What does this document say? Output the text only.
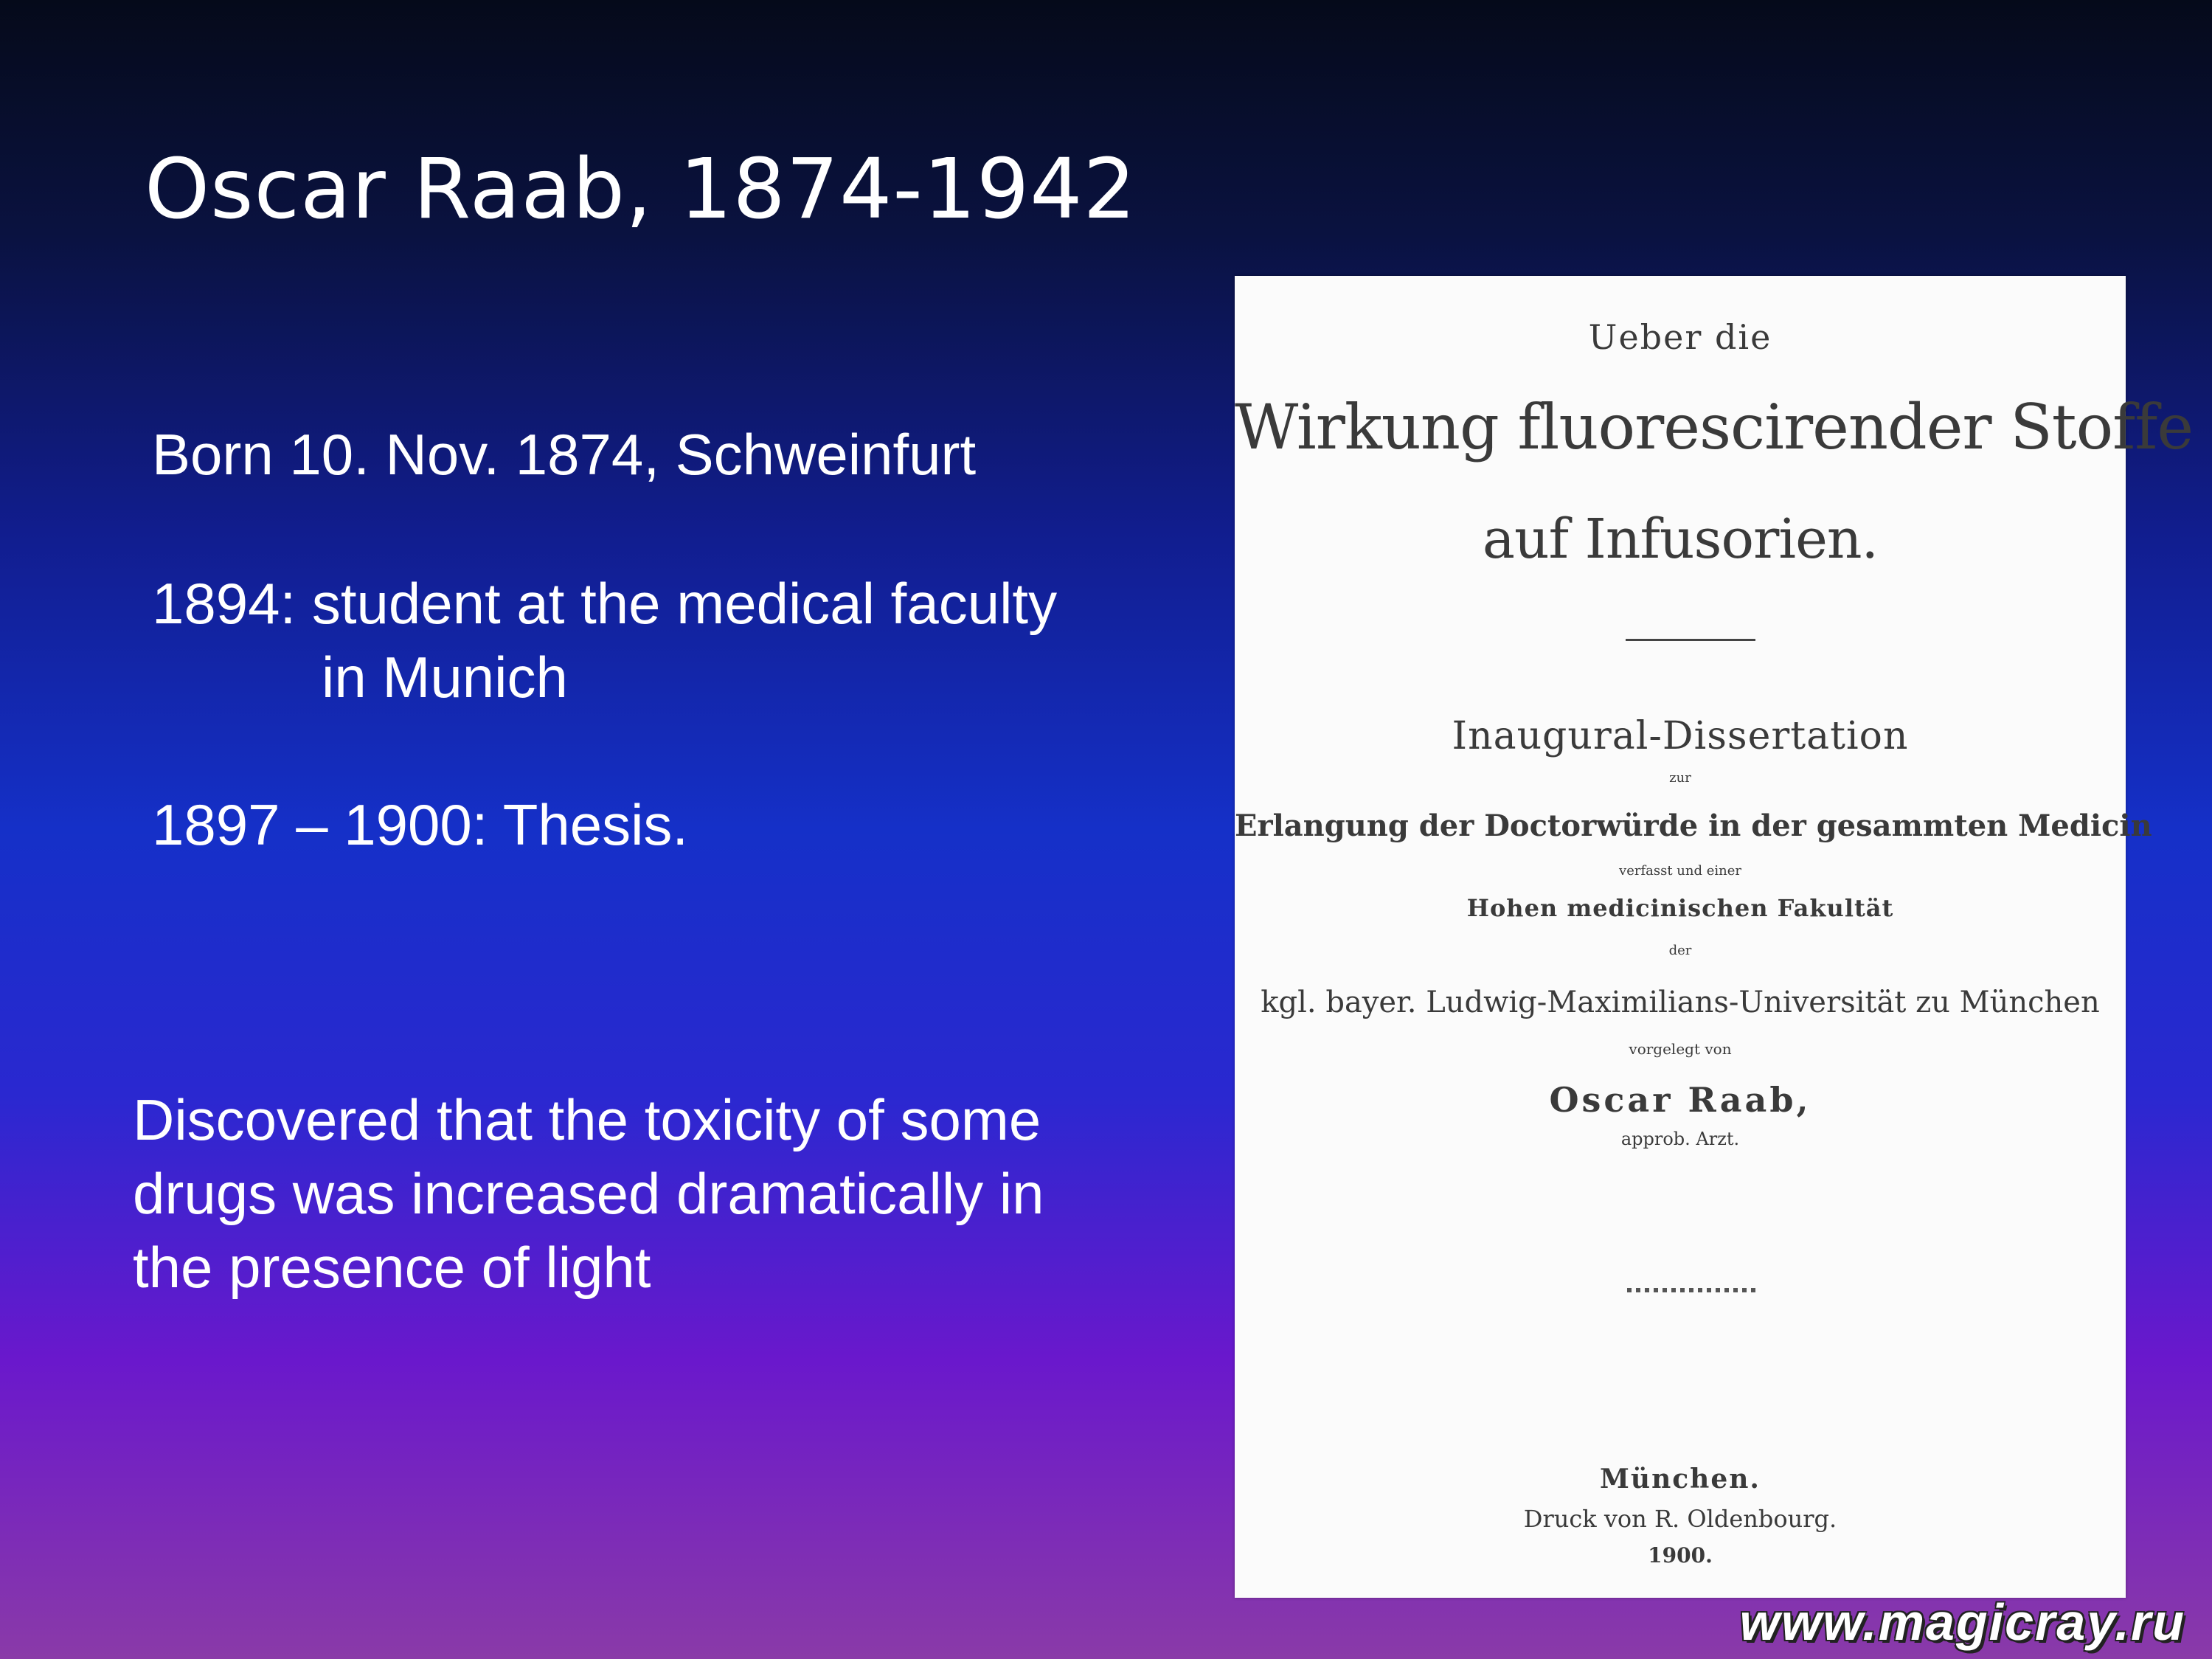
Oscar Raab, 1874-1942
Born 10. Nov. 1874, Schweinfurt
1894: student at the medical faculty
in Munich
1897 – 1900: Thesis.
Discovered that the toxicity of some
drugs was increased dramatically in
the presence of light
Ueber die
Wirkung fluorescirender Stoffe
auf Infusorien.
Inaugural-Dissertation
zur
Erlangung der Doctorwürde in der gesammten Medicin
verfasst und einer
Hohen medicinischen Fakultät
der
kgl. bayer. Ludwig-Maximilians-Universität zu München
vorgelegt von
Oscar Raab,
approb. Arzt.
München.
Druck von R. Oldenbourg.
1900.
www.magicray.ru
